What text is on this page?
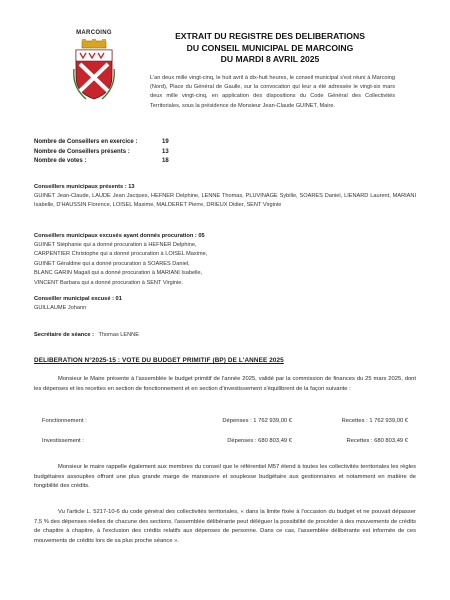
MARCOING	EXTRAIT DU REGISTRE DES DELIBERATIONS
DU CONSEIL MUNICIPAL DE MARCOING
DU MARDI 8 AVRIL 2025
L'an deux mille vingt-cinq, le huit avril à dix-huit heures, le conseil municipal s'est réuni à Marcoing (Nord), Place du Général de Gaulle, sur la convocation qui leur a été adressée le vingt-six mars deux mille vingt-cinq, en application des dispositions du Code Général des Collectivités Territoriales, sous la présidence de Monsieur Jean-Claude GUINET, Maire.
Nombre de Conseillers en exercice :	19
Nombre de Conseillers présents :	13
Nombre de votes :	18
Conseillers municipaux présents : 13
GUINET Jean-Claude, LAUDE Jean Jacques, HEFNER Delphine, LENNE Thomas, PLUVINAGE Sybille, SOARES Daniel, LIENARD Laurent, MARIANI Isabelle, D'HAUSSIN Florence, LOISEL Maxime, MALDERET Pierre, DRIEUX Didier, SENT Virginie
Conseillers municipaux excusés ayant donnés procuration : 05
GUINET Stéphanie qui a donné procuration à HEFNER Delphine,
CARPENTIER Christophe qui a donné procuration à LOISEL Maxime,
GUINET Géraldine qui a donné procuration à SOARES Daniel,
BLANC GARIN Magali qui a donné procuration à MARIANI Isabelle,
VINCENT Barbara qui a donné procuration à SENT Virginie.
Conseiller municipal excusé : 01
GUILLAUME Johann
Secrétaire de séance : Thomas LENNE
DELIBERATION N°2025-15 : VOTE DU BUDGET PRIMITIF (BP) DE L'ANNEE 2025
Monsieur le Maire présente à l'assemblée le budget primitif de l'année 2025, validé par la commission de finances du 25 mars 2025, dont les dépenses et les recettes en section de fonctionnement et en section d'investissement s'équilibrent de la façon suivante :
Fonctionnement :	Dépenses : 1 762 939,00 €	Recettes : 1 762 939,00 €
Investissement :	Dépenses : 680 803,49 €	Recettes : 680 803,49 €
Monsieur le maire rappelle également aux membres du conseil que le référentiel M57 étend à toutes les collectivités territoriales les règles budgétaires assouplies offrant une plus grande marge de manœuvre et souplesse budgétaire aux gestionnaires et notamment en matière de fongibilité des crédits.
Vu l'article L. 5217-10-6 du code général des collectivités territoriales, « dans la limite fixée à l'occasion du budget et ne pouvait dépasser 7,5 % des dépenses réelles de chacune des sections, l'assemblée délibérante peut déléguer la possibilité de procéder à des mouvements de crédits de chapitre à chapitre, à l'exclusion des crédits relatifs aux dépenses de personne. Dans ce cas, l'assemblée délibérante est informée de ces mouvements de crédits lors de sa plus proche séance ».
